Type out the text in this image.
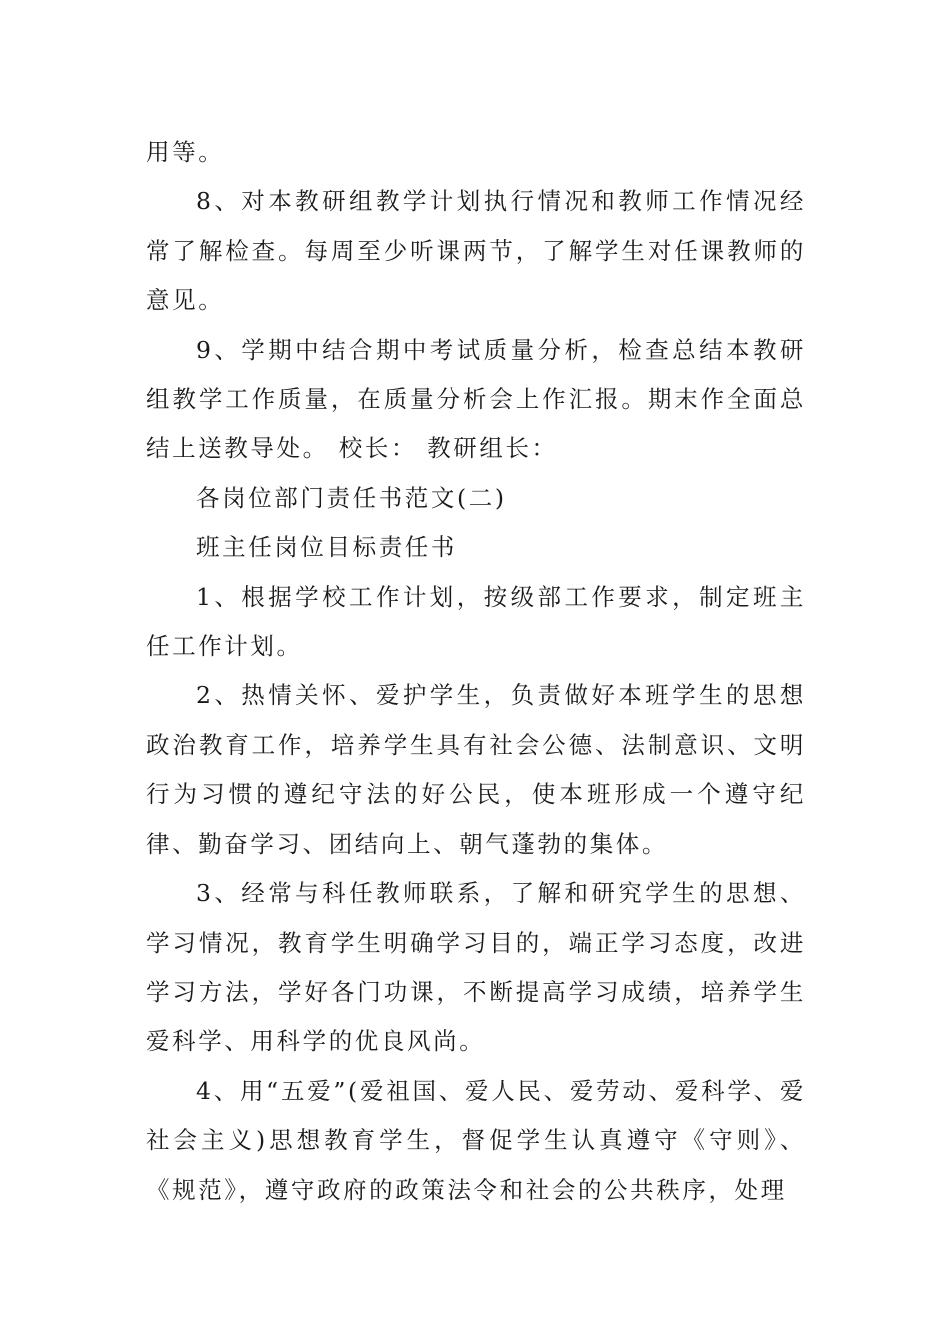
用等。

8、对本教研组教学计划执行情况和教师工作情况经常了解检查。每周至少听课两节，了解学生对任课教师的意见。

9、学期中结合期中考试质量分析，检查总结本教研组教学工作质量，在质量分析会上作汇报。期末作全面总结上送教导处。 校长： 教研组长：

各岗位部门责任书范文(二)

班主任岗位目标责任书

1、根据学校工作计划，按级部工作要求，制定班主任工作计划。

2、热情关怀、爱护学生，负责做好本班学生的思想政治教育工作，培养学生具有社会公德、法制意识、文明行为习惯的遵纪守法的好公民，使本班形成一个遵守纪律、勤奋学习、团结向上、朝气蓬勃的集体。

3、经常与科任教师联系，了解和研究学生的思想、学习情况，教育学生明确学习目的，端正学习态度，改进学习方法，学好各门功课，不断提高学习成绩，培养学生爱科学、用科学的优良风尚。

4、用“五爱”(爱祖国、爱人民、爱劳动、爱科学、爱社会主义)思想教育学生，督促学生认真遵守《守则》、《规范》，遵守政府的政策法令和社会的公共秩序，处理
